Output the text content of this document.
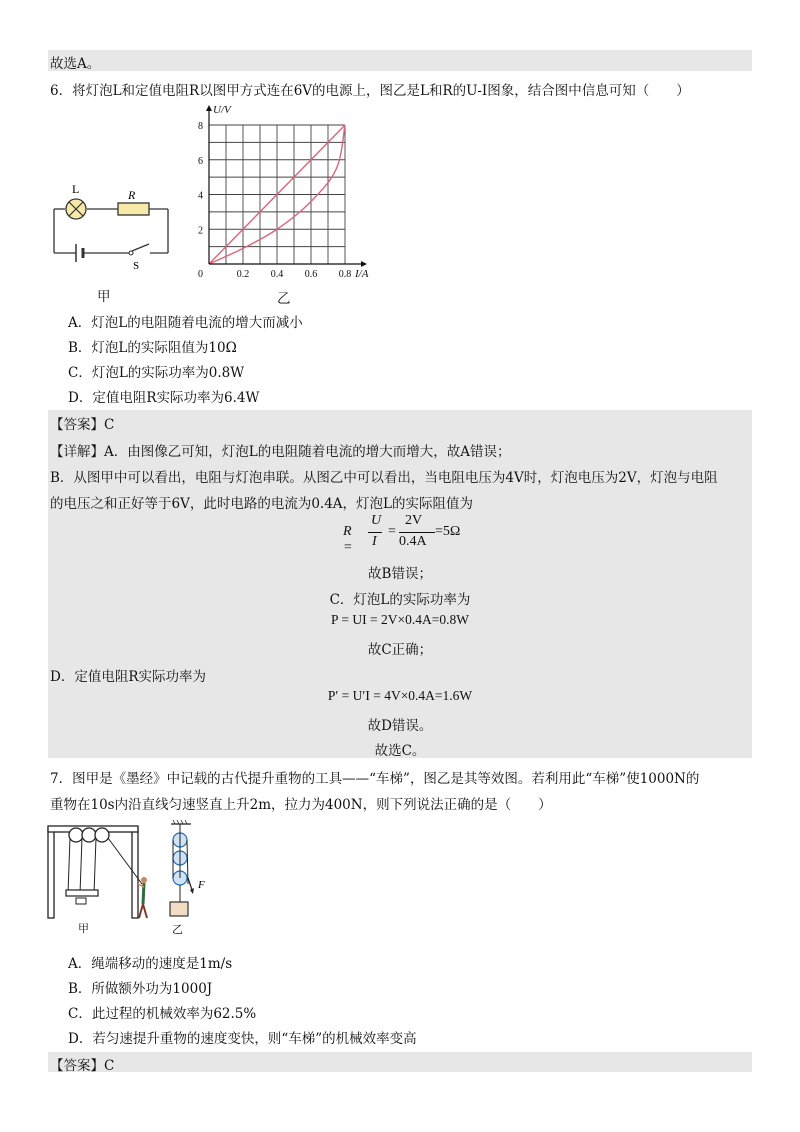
故选A。
6．将灯泡L和定值电阻R以图甲方式连在6V的电源上，图乙是L和R的U-I图象，结合图中信息可知（　　）
L	R
S
甲
0.2 0.4 0.6 0.8
2
4
6
8
0
U/V
I/A
乙
A．灯泡L的电阻随着电流的增大而减小
B．灯泡L的实际阻值为10Ω
C．灯泡L的实际功率为0.8W
D．定值电阻R实际功率为6.4W
【答案】C
【详解】A．由图像乙可知，灯泡L的电阻随着电流的增大而增大，故A错误；
B．从图甲中可以看出，电阻与灯泡串联。从图乙中可以看出，当电阻电压为4V时，灯泡电压为2V，灯泡与电阻
的电压之和正好等于6V，此时电路的电流为0.4A，灯泡L的实际阻值为
R =
U
I
=
2V
0.4A
=5Ω
故B错误；
C．灯泡L的实际功率为
P = UI = 2V×0.4A=0.8W
故C正确；
D．定值电阻R实际功率为
P′ = U′I = 4V×0.4A=1.6W
故D错误。
故选C。
7．图甲是《墨经》中记载的古代提升重物的工具——“车梯”，图乙是其等效图。若利用此“车梯”使1000N的
重物在10s内沿直线匀速竖直上升2m，拉力为400N，则下列说法正确的是（　　）
甲
F
乙
A．绳端移动的速度是1m/s
B．所做额外功为1000J
C．此过程的机械效率为62.5%
D．若匀速提升重物的速度变快，则“车梯”的机械效率变高
【答案】C
